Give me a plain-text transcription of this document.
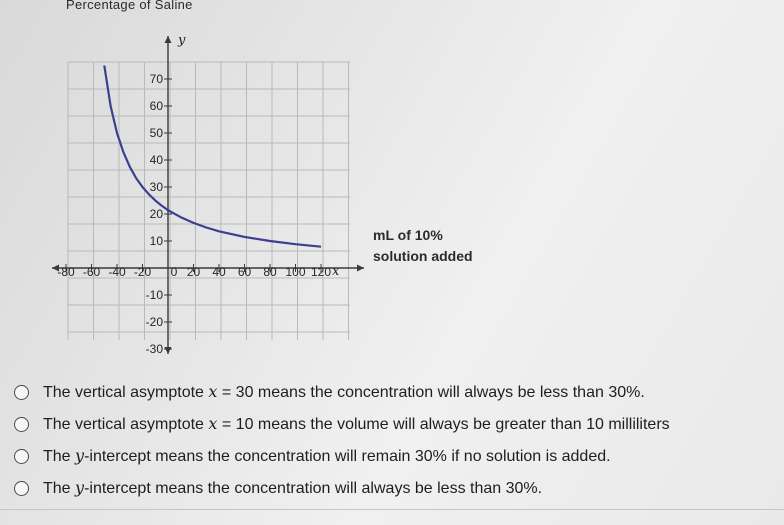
Percentage of Saline
x
y
-80 -60 -40 -20	20 40 60 80 100 120
0
70
60
50
40
30
20
10
-10
-20
-30
mL of 10%
solution added
The vertical asymptote x = 30 means the concentration will always be less than 30%.
The vertical asymptote x = 10 means the volume will always be greater than 10 milliliters
The y-intercept means the concentration will remain 30% if no solution is added.
The y-intercept means the concentration will always be less than 30%.
